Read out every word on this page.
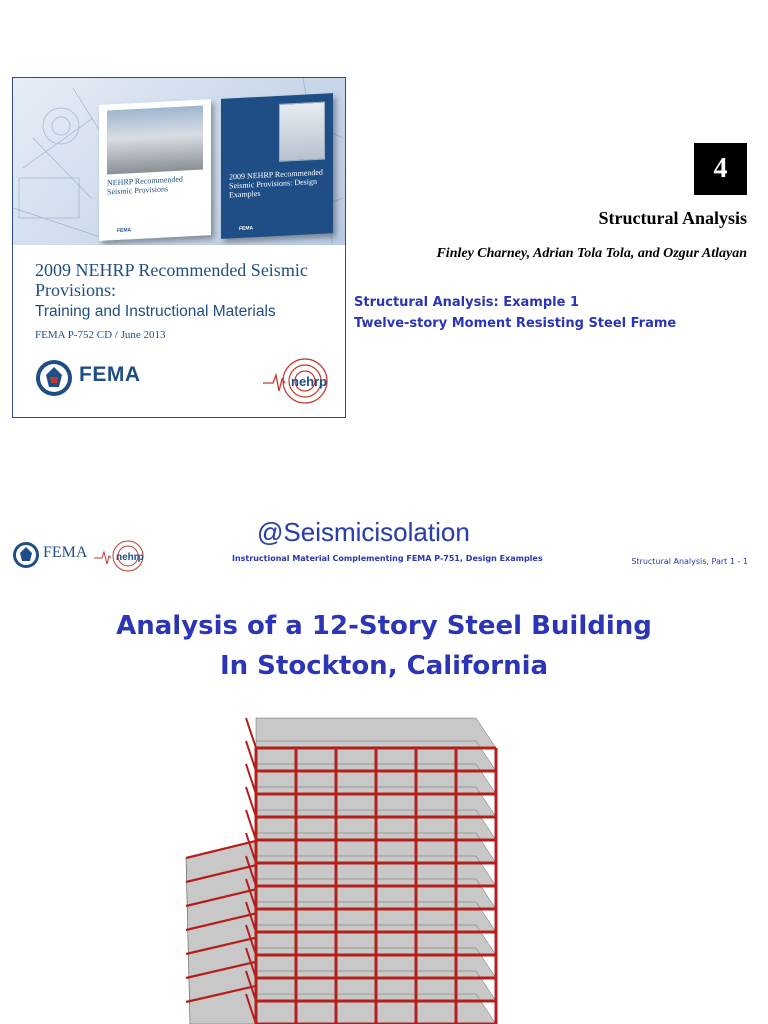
NEHRP Recommended Seismic Provisions
FEMA
2009 NEHRP Recommended Seismic Provisions: Design Examples
FEMA
2009 NEHRP Recommended Seismic Provisions:
Training and Instructional Materials
FEMA P-752 CD / June 2013
FEMA	nehrp
4
Structural Analysis
Finley Charney, Adrian Tola Tola, and Ozgur Atlayan
Structural Analysis: Example 1
Twelve-story Moment Resisting Steel Frame
@Seismicisolation
FEMA	nehrp	Instructional Material Complementing FEMA P-751, Design Examples	Structural Analysis, Part 1 - 1
Analysis of a 12-Story Steel Building
In Stockton, California
